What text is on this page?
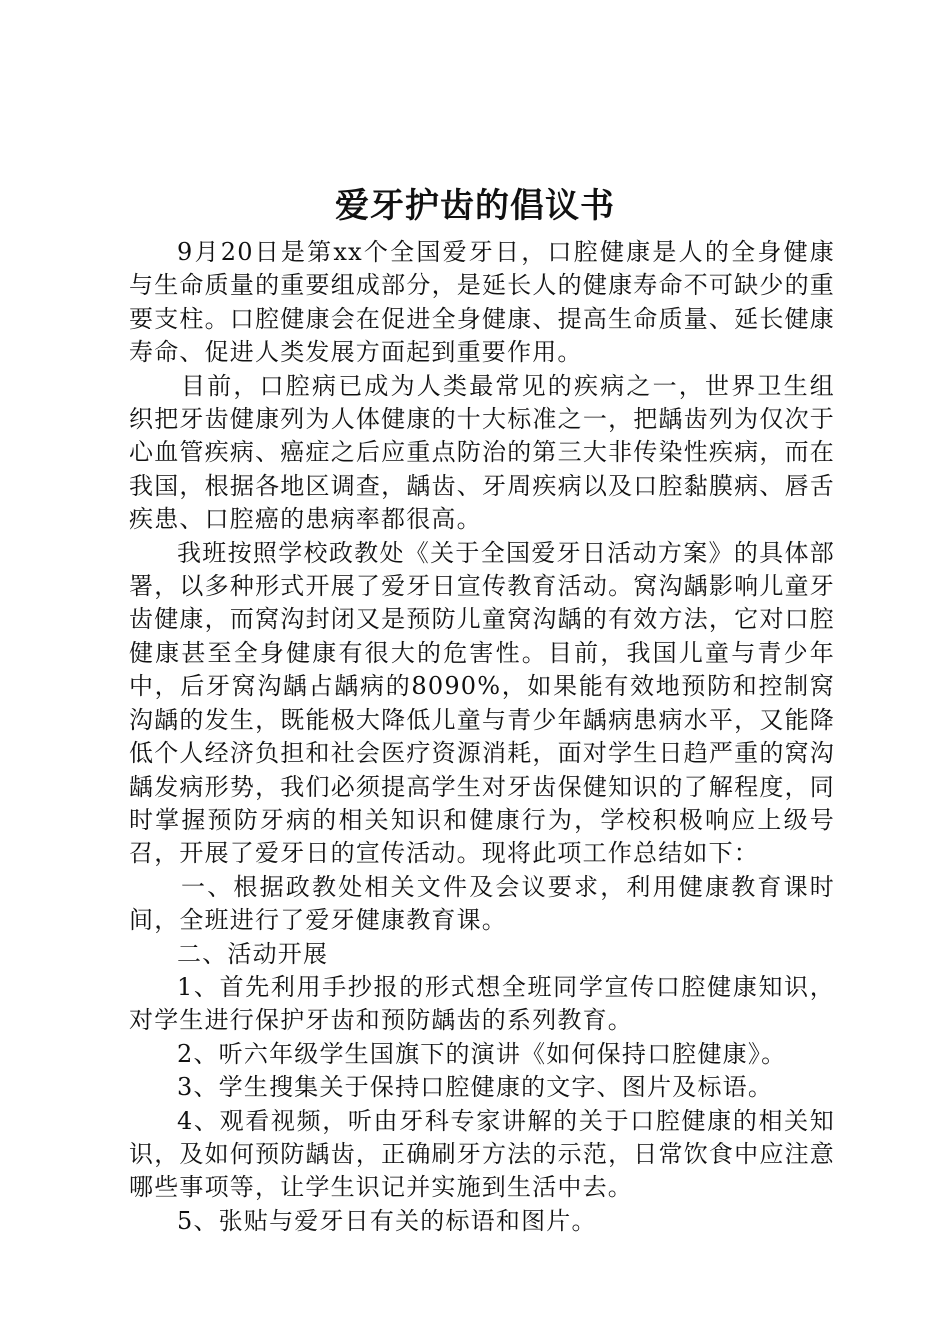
爱牙护齿的倡议书

9月20日是第xx个全国爱牙日，口腔健康是人的全身健康与生命质量的重要组成部分，是延长人的健康寿命不可缺少的重要支柱。口腔健康会在促进全身健康、提高生命质量、延长健康寿命、促进人类发展方面起到重要作用。

目前，口腔病已成为人类最常见的疾病之一，世界卫生组织把牙齿健康列为人体健康的十大标准之一，把龋齿列为仅次于心血管疾病、癌症之后应重点防治的第三大非传染性疾病，而在我国，根据各地区调查，龋齿、牙周疾病以及口腔黏膜病、唇舌疾患、口腔癌的患病率都很高。

我班按照学校政教处《关于全国爱牙日活动方案》的具体部署，以多种形式开展了爱牙日宣传教育活动。窝沟龋影响儿童牙齿健康，而窝沟封闭又是预防儿童窝沟龋的有效方法，它对口腔健康甚至全身健康有很大的危害性。目前，我国儿童与青少年中，后牙窝沟龋占龋病的8090%，如果能有效地预防和控制窝沟龋的发生，既能极大降低儿童与青少年龋病患病水平，又能降低个人经济负担和社会医疗资源消耗，面对学生日趋严重的窝沟龋发病形势，我们必须提高学生对牙齿保健知识的了解程度，同时掌握预防牙病的相关知识和健康行为，学校积极响应上级号召，开展了爱牙日的宣传活动。现将此项工作总结如下：

一、根据政教处相关文件及会议要求，利用健康教育课时间，全班进行了爱牙健康教育课。

二、活动开展

1、首先利用手抄报的形式想全班同学宣传口腔健康知识，对学生进行保护牙齿和预防龋齿的系列教育。

2、听六年级学生国旗下的演讲《如何保持口腔健康》。

3、学生搜集关于保持口腔健康的文字、图片及标语。

4、观看视频，听由牙科专家讲解的关于口腔健康的相关知识，及如何预防龋齿，正确刷牙方法的示范，日常饮食中应注意哪些事项等，让学生识记并实施到生活中去。

5、张贴与爱牙日有关的标语和图片。
